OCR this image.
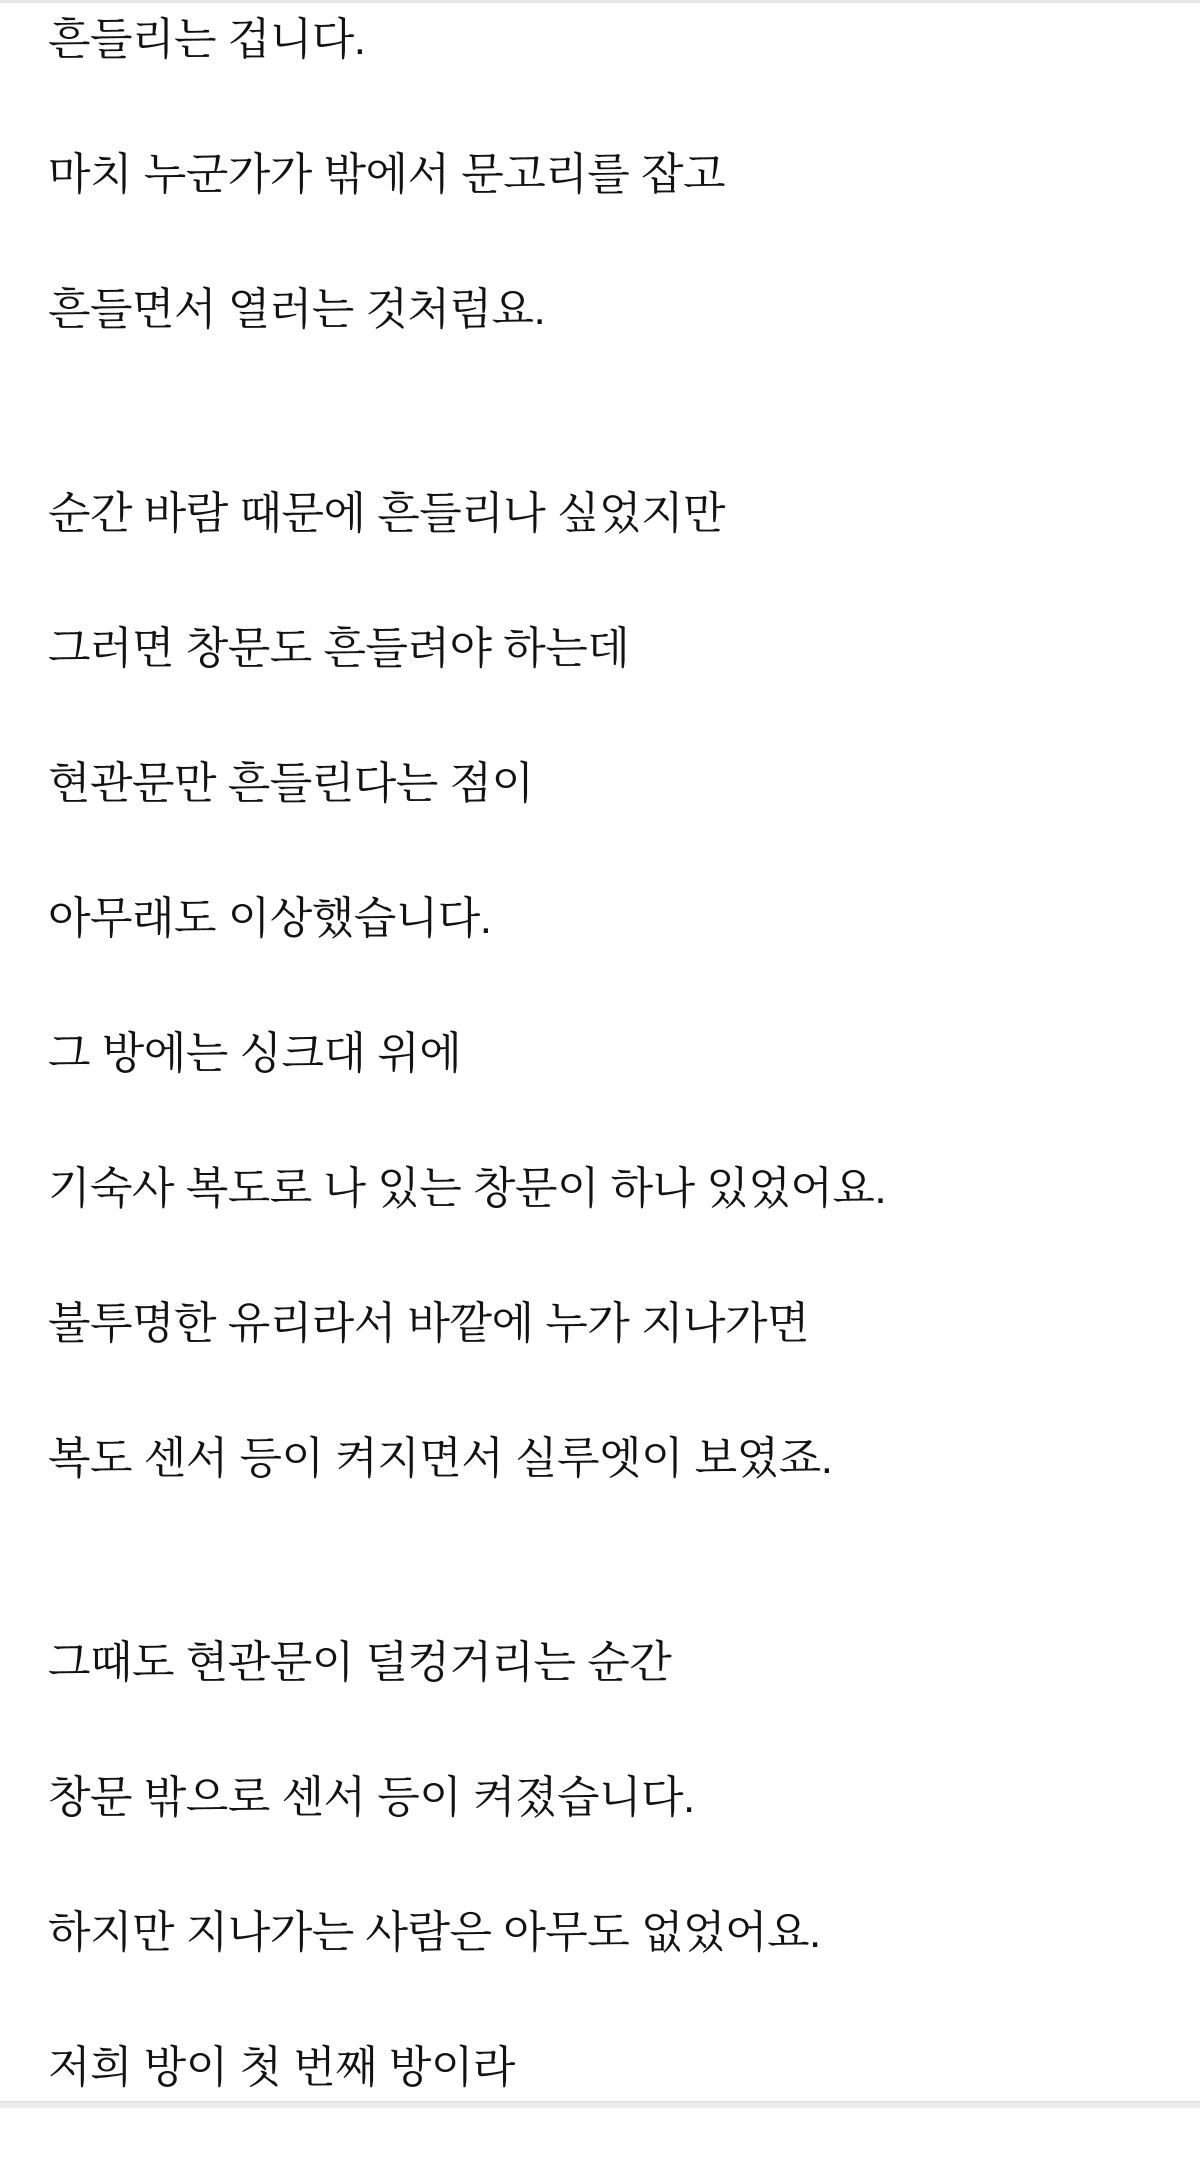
흔들리는 겁니다.
마치 누군가가 밖에서 문고리를 잡고
흔들면서 열러는 것처럼요.
순간 바람 때문에 흔들리나 싶었지만
그러면 창문도 흔들려야 하는데
현관문만 흔들린다는 점이
아무래도 이상했습니다.
그 방에는 싱크대 위에
기숙사 복도로 나 있는 창문이 하나 있었어요.
불투명한 유리라서 바깥에 누가 지나가면
복도 센서 등이 켜지면서 실루엣이 보였죠.
그때도 현관문이 덜컹거리는 순간
창문 밖으로 센서 등이 켜졌습니다.
하지만 지나가는 사람은 아무도 없었어요.
저희 방이 첫 번째 방이라
